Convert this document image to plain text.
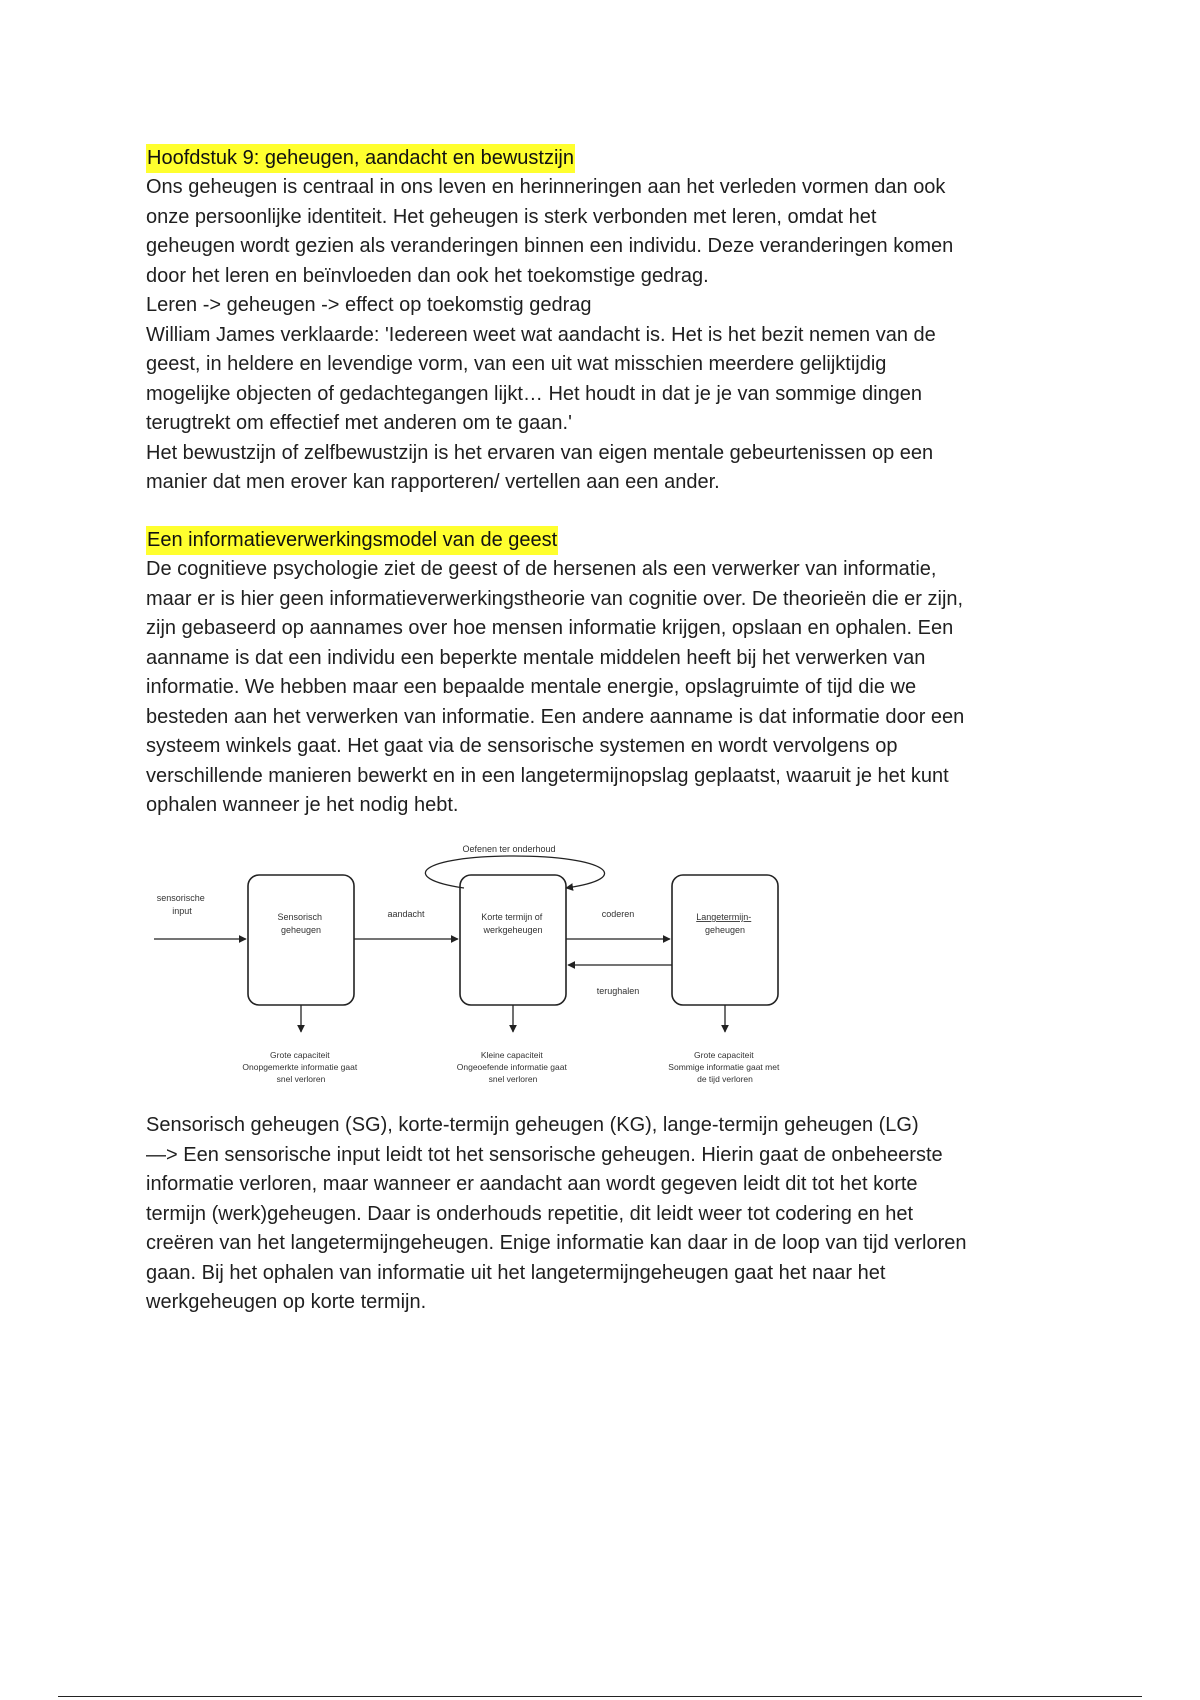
Hoofdstuk 9: geheugen, aandacht en bewustzijn
Ons geheugen is centraal in ons leven en herinneringen aan het verleden vormen dan ook
onze persoonlijke identiteit. Het geheugen is sterk verbonden met leren, omdat het
geheugen wordt gezien als veranderingen binnen een individu. Deze veranderingen komen
door het leren en beïnvloeden dan ook het toekomstige gedrag.
Leren -> geheugen -> effect op toekomstig gedrag
William James verklaarde: 'Iedereen weet wat aandacht is. Het is het bezit nemen van de
geest, in heldere en levendige vorm, van een uit wat misschien meerdere gelijktijdig
mogelijke objecten of gedachtegangen lijkt… Het houdt in dat je je van sommige dingen
terugtrekt om effectief met anderen om te gaan.'
Het bewustzijn of zelfbewustzijn is het ervaren van eigen mentale gebeurtenissen op een
manier dat men erover kan rapporteren/ vertellen aan een ander.
Een informatieverwerkingsmodel van de geest
De cognitieve psychologie ziet de geest of de hersenen als een verwerker van informatie,
maar er is hier geen informatieverwerkingstheorie van cognitie over. De theorieën die er zijn,
zijn gebaseerd op aannames over hoe mensen informatie krijgen, opslaan en ophalen. Een
aanname is dat een individu een beperkte mentale middelen heeft bij het verwerken van
informatie. We hebben maar een bepaalde mentale energie, opslagruimte of tijd die we
besteden aan het verwerken van informatie. Een andere aanname is dat informatie door een
systeem winkels gaat. Het gaat via de sensorische systemen en wordt vervolgens op
verschillende manieren bewerkt en in een langetermijnopslag geplaatst, waaruit je het kunt
ophalen wanneer je het nodig hebt.
sensorische input
Sensorisch geheugen
Korte termijn of werkgeheugen
Langetermijn- geheugen
Oefenen ter onderhoud
aandacht	coderen
terughalen
Grote capaciteit Onopgemerkte informatie gaat snel verloren
Kleine capaciteit Ongeoefende informatie gaat snel verloren
Grote capaciteit Sommige informatie gaat met de tijd verloren
Sensorisch geheugen (SG), korte-termijn geheugen (KG), lange-termijn geheugen (LG)
—> Een sensorische input leidt tot het sensorische geheugen. Hierin gaat de onbeheerste
informatie verloren, maar wanneer er aandacht aan wordt gegeven leidt dit tot het korte
termijn (werk)geheugen. Daar is onderhouds repetitie, dit leidt weer tot codering en het
creëren van het langetermijngeheugen. Enige informatie kan daar in de loop van tijd verloren
gaan. Bij het ophalen van informatie uit het langetermijngeheugen gaat het naar het
werkgeheugen op korte termijn.
